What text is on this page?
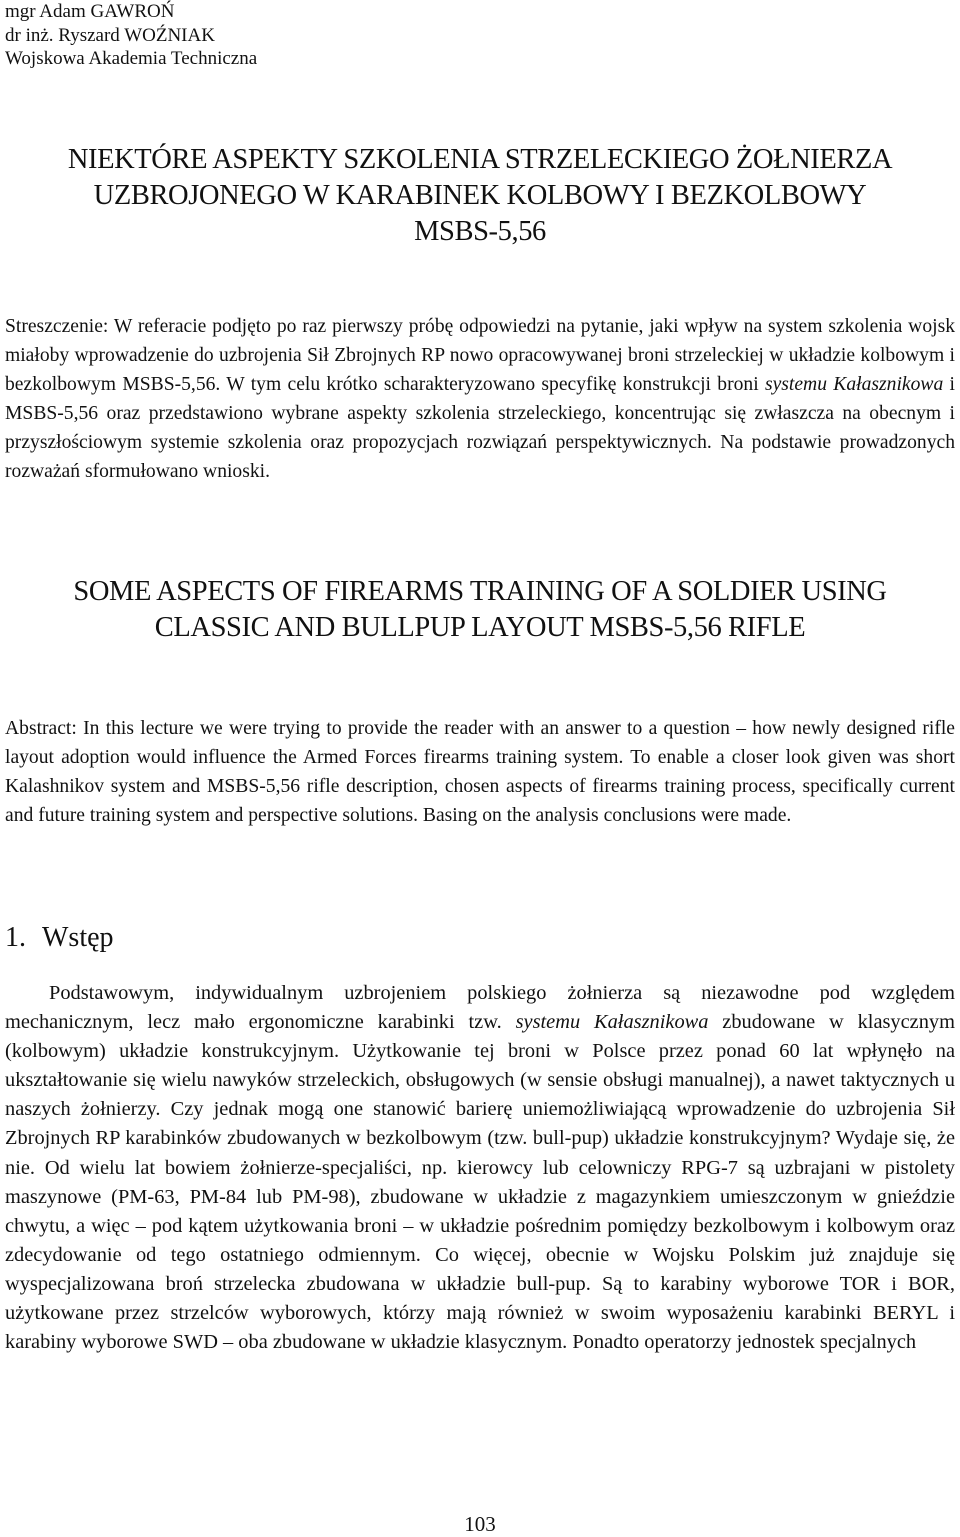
mgr Adam GAWROŃ
dr inż. Ryszard WOŹNIAK
Wojskowa Akademia Techniczna
NIEKTÓRE ASPEKTY SZKOLENIA STRZELECKIEGO ŻOŁNIERZA
UZBROJONEGO W KARABINEK KOLBOWY I BEZKOLBOWY
MSBS-5,56
Streszczenie: W referacie podjęto po raz pierwszy próbę odpowiedzi na pytanie, jaki wpływ na system szkolenia wojsk miałoby wprowadzenie do uzbrojenia Sił Zbrojnych RP nowo opracowywanej broni strzeleckiej w układzie kolbowym i bezkolbowym MSBS-5,56. W tym celu krótko scharakteryzowano specyfikę konstrukcji broni systemu Kałasznikowa i MSBS-5,56 oraz przedstawiono wybrane aspekty szkolenia strzeleckiego, koncentrując się zwłaszcza na obecnym i przyszłościowym systemie szkolenia oraz propozycjach rozwiązań perspektywicznych. Na podstawie prowadzonych rozważań sformułowano wnioski.
SOME ASPECTS OF FIREARMS TRAINING OF A SOLDIER USING
CLASSIC AND BULLPUP LAYOUT MSBS-5,56 RIFLE
Abstract: In this lecture we were trying to provide the reader with an answer to a question – how newly designed rifle layout adoption would influence the Armed Forces firearms training system. To enable a closer look given was short Kalashnikov system and MSBS-5,56 rifle description, chosen aspects of firearms training process, specifically current and future training system and perspective solutions. Basing on the analysis conclusions were made.
1. Wstęp
Podstawowym, indywidualnym uzbrojeniem polskiego żołnierza są niezawodne pod względem mechanicznym, lecz mało ergonomiczne karabinki tzw. systemu Kałasznikowa zbudowane w klasycznym (kolbowym) układzie konstrukcyjnym. Użytkowanie tej broni w Polsce przez ponad 60 lat wpłynęło na ukształtowanie się wielu nawyków strzeleckich, obsługowych (w sensie obsługi manualnej), a nawet taktycznych u naszych żołnierzy. Czy jednak mogą one stanowić barierę uniemożliwiającą wprowadzenie do uzbrojenia Sił Zbrojnych RP karabinków zbudowanych w bezkolbowym (tzw. bull-pup) układzie konstrukcyjnym? Wydaje się, że nie. Od wielu lat bowiem żołnierze-specjaliści, np. kierowcy lub celowniczy RPG-7 są uzbrajani w pistolety maszynowe (PM-63, PM-84 lub PM-98), zbudowane w układzie z magazynkiem umieszczonym w gnieździe chwytu, a więc – pod kątem użytkowania broni – w układzie pośrednim pomiędzy bezkolbowym i kolbowym oraz zdecydowanie od tego ostatniego odmiennym. Co więcej, obecnie w Wojsku Polskim już znajduje się wyspecjalizowana broń strzelecka zbudowana w układzie bull-pup. Są to karabiny wyborowe TOR i BOR, użytkowane przez strzelców wyborowych, którzy mają również w swoim wyposażeniu karabinki BERYL i karabiny wyborowe SWD – oba zbudowane w układzie klasycznym. Ponadto operatorzy jednostek specjalnych
103
